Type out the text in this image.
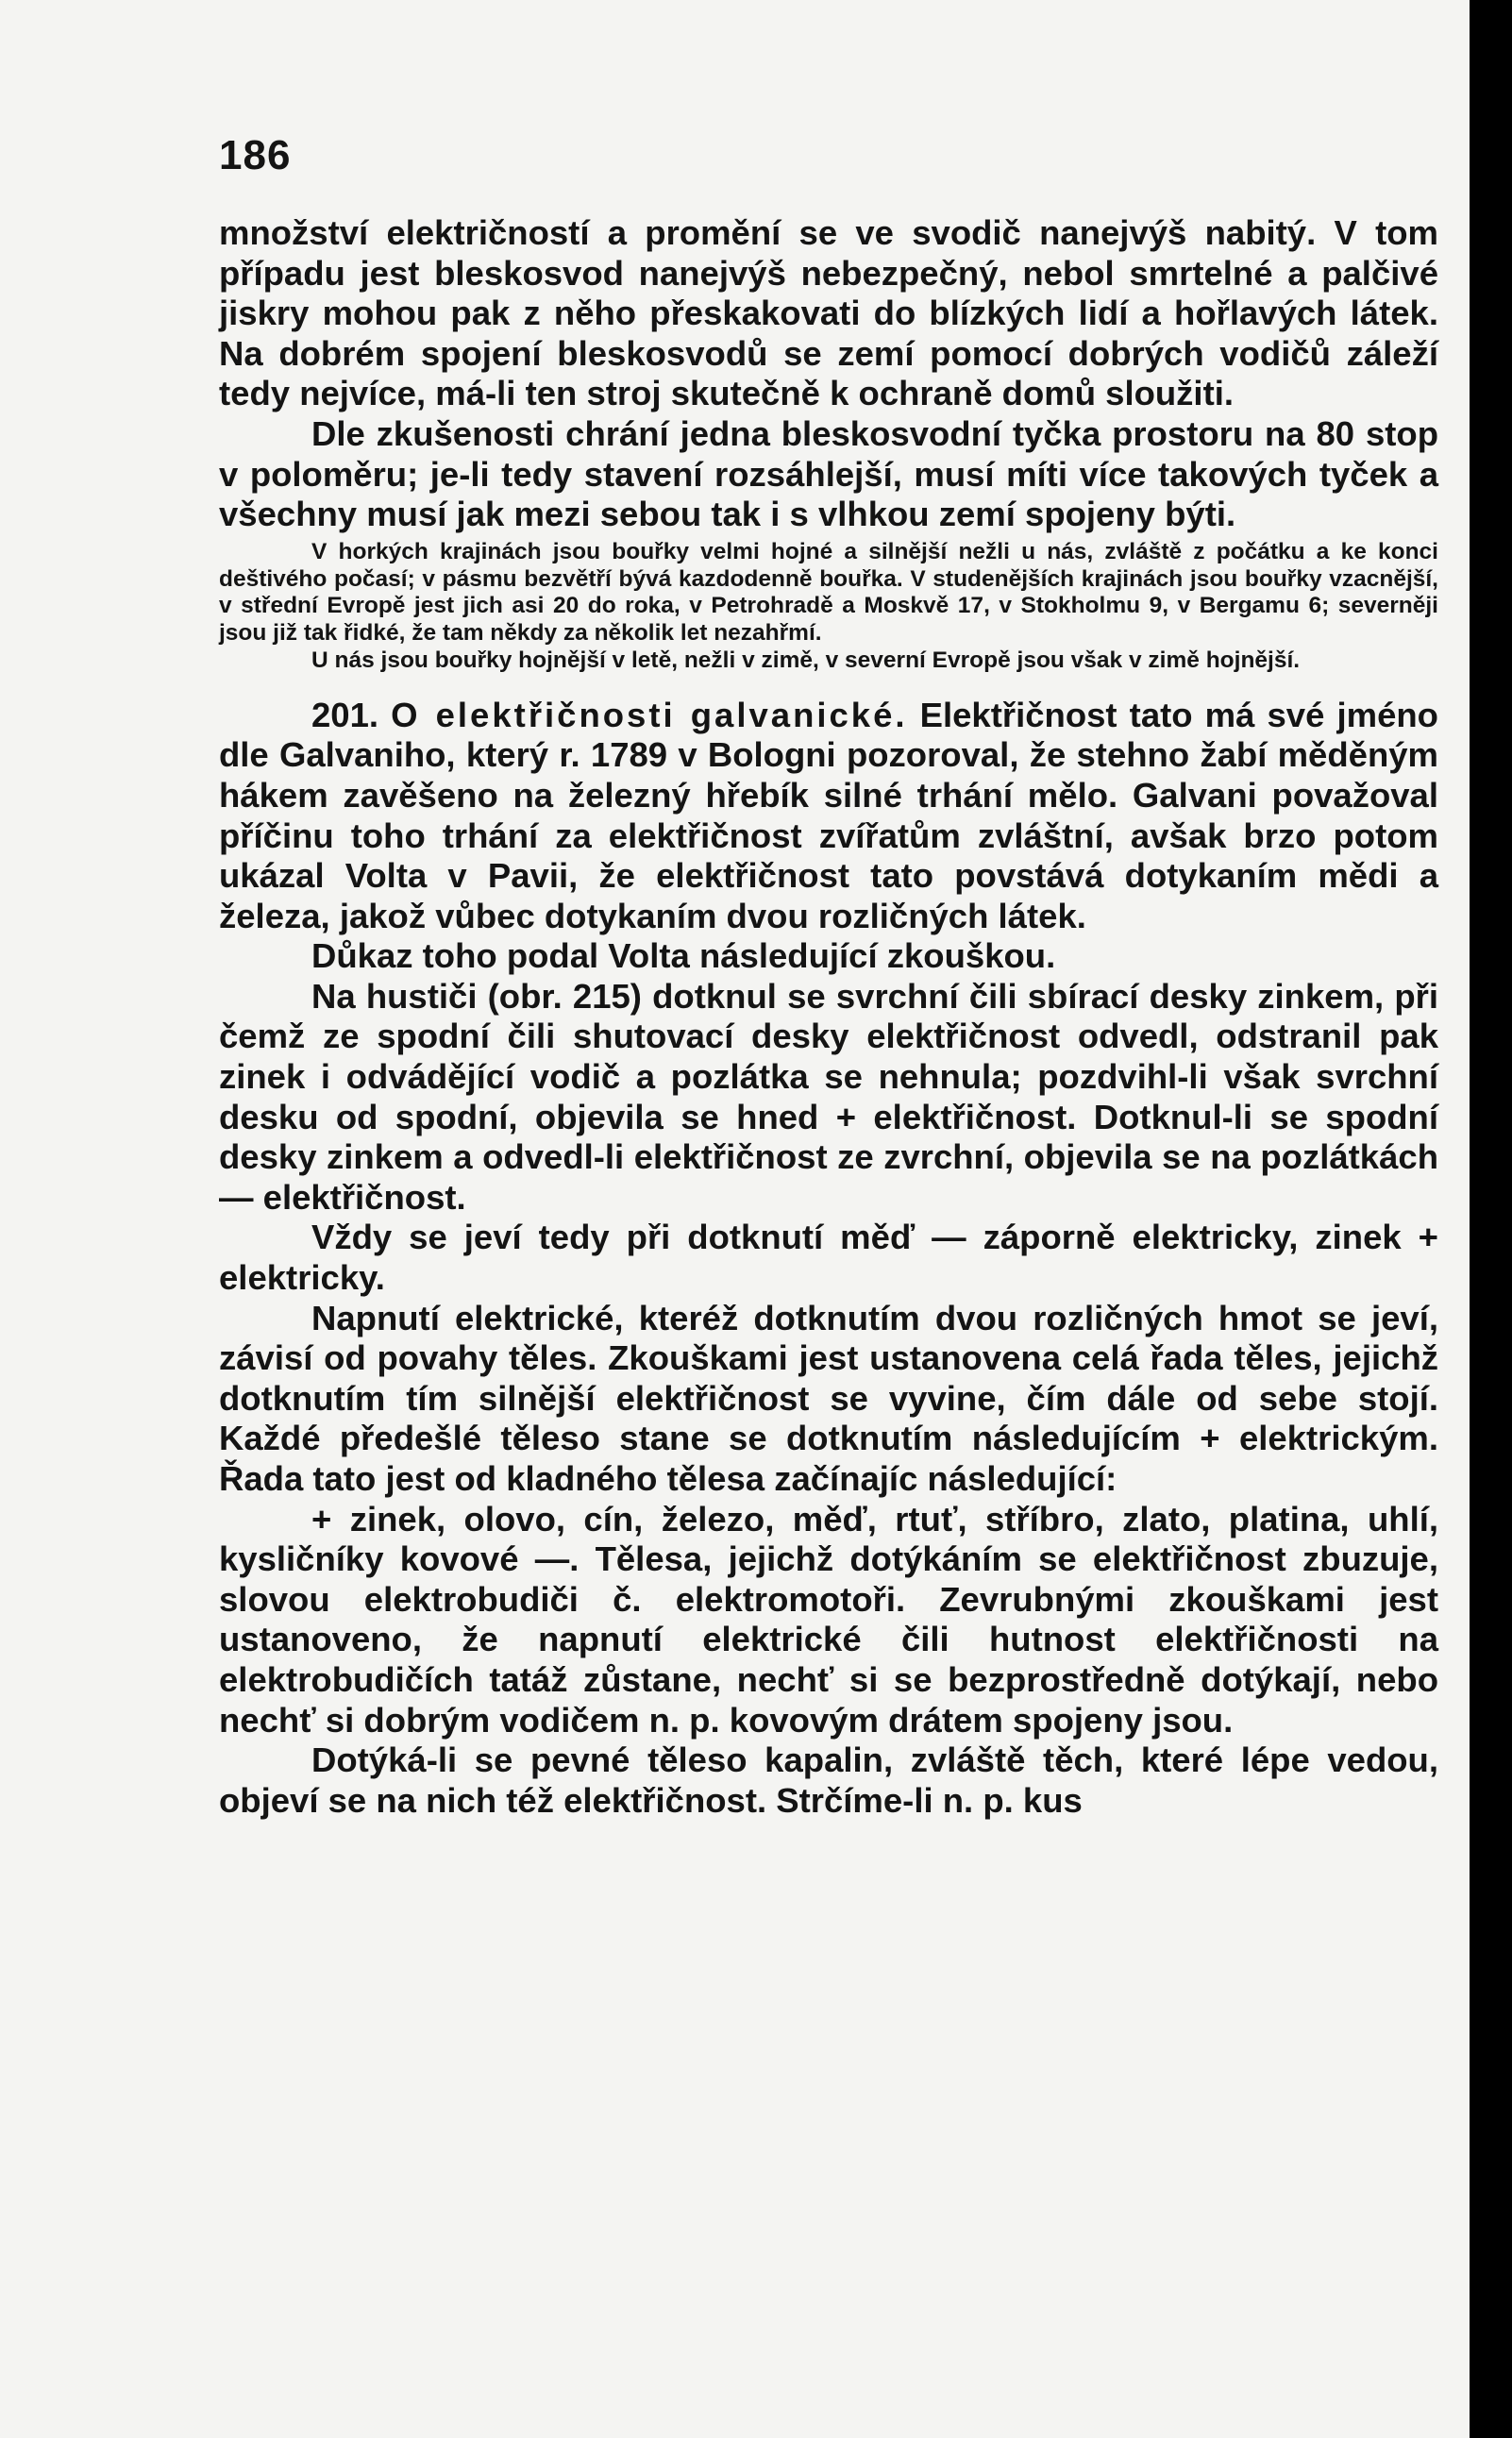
186

množství električností a promění se ve svodič nanejvýš nabitý. V tom případu jest bleskosvod nanejvýš nebezpečný, nebol smrtelné a palčivé jiskry mohou pak z něho přeskakovati do blízkých lidí a hořlavých látek. Na dobrém spojení bleskosvodů se zemí pomocí dobrých vodičů záleží tedy nejvíce, má-li ten stroj skutečně k ochraně domů sloužiti.

Dle zkušenosti chrání jedna bleskosvodní tyčka prostoru na 80 stop v poloměru; je-li tedy stavení rozsáhlejší, musí míti více takových tyček a všechny musí jak mezi sebou tak i s vlhkou zemí spojeny býti.

V horkých krajinách jsou bouřky velmi hojné a silnější nežli u nás, zvláště z počátku a ke konci deštivého počasí; v pásmu bezvětří bývá kazdodenně bouřka. V studenějších krajinách jsou bouřky vzacnější, v střední Evropě jest jich asi 20 do roka, v Petrohradě a Moskvě 17, v Stokholmu 9, v Bergamu 6; severněji jsou již tak řidké, že tam někdy za několik let nezahřmí.

U nás jsou bouřky hojnější v letě, nežli v zimě, v severní Evropě jsou však v zimě hojnější.

201. O elektřičnosti galvanické. Elektřičnost tato má své jméno dle Galvaniho, který r. 1789 v Bologni pozoroval, že stehno žabí měděným hákem zavěšeno na železný hřebík silné trhání mělo. Galvani považoval příčinu toho trhání za elektřičnost zvířatům zvláštní, avšak brzo potom ukázal Volta v Pavii, že elektřičnost tato povstává dotykaním mědi a železa, jakož vůbec dotykaním dvou rozličných látek.

Důkaz toho podal Volta následující zkouškou.

Na hustiči (obr. 215) dotknul se svrchní čili sbírací desky zinkem, při čemž ze spodní čili shutovací desky elektřičnost odvedl, odstranil pak zinek i odvádějící vodič a pozlátka se nehnula; pozdvihl-li však svrchní desku od spodní, objevila se hned + elektřičnost. Dotknul-li se spodní desky zinkem a odvedl-li elektřičnost ze zvrchní, objevila se na pozlátkách — elektřičnost.

Vždy se jeví tedy při dotknutí měď — záporně elektricky, zinek + elektricky.

Napnutí elektrické, kteréž dotknutím dvou rozličných hmot se jeví, závisí od povahy těles. Zkouškami jest ustanovena celá řada těles, jejichž dotknutím tím silnější elektřičnost se vyvine, čím dále od sebe stojí. Každé předešlé těleso stane se dotknutím následujícím + elektrickým. Řada tato jest od kladného tělesa začínajíc následující:

+ zinek, olovo, cín, železo, měď, rtuť, stříbro, zlato, platina, uhlí, kysličníky kovové —. Tělesa, jejichž dotýkáním se elektřičnost zbuzuje, slovou elektrobudiči č. elektromotoři. Zevrubnými zkouškami jest ustanoveno, že napnutí elektrické čili hutnost elektřičnosti na elektrobudičích tatáž zůstane, nechť si se bezprostředně dotýkají, nebo nechť si dobrým vodičem n. p. kovovým drátem spojeny jsou.

Dotýká-li se pevné těleso kapalin, zvláště těch, které lépe vedou, objeví se na nich též elektřičnost. Strčíme-li n. p. kus
